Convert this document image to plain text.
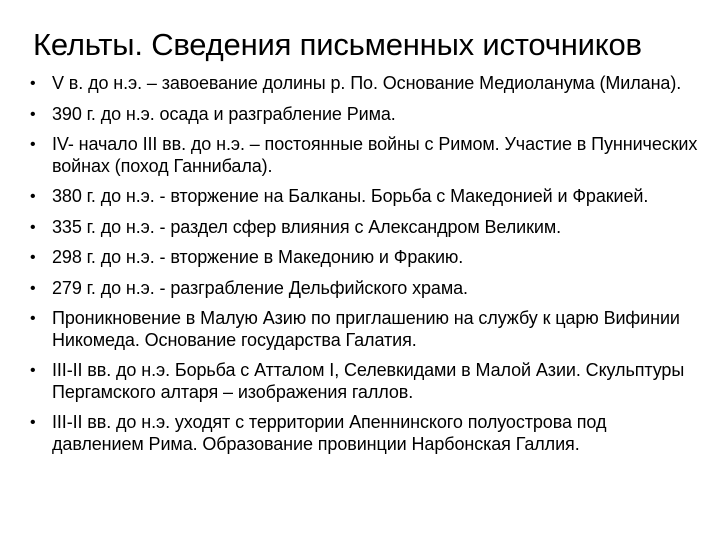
Кельты. Сведения письменных источников
• V в. до н.э. – завоевание долины р. По. Основание Медиоланума (Милана).
• 390 г. до н.э. осада и разграбление Рима.
• IV- начало III вв. до н.э. – постоянные войны с Римом. Участие в Пуннических войнах (поход Ганнибала).
• 380 г. до н.э. - вторжение на Балканы. Борьба с Македонией и Фракией.
• 335 г. до н.э. - раздел сфер влияния с Александром Великим.
• 298 г. до н.э. - вторжение в Македонию и Фракию.
• 279 г. до н.э. - разграбление Дельфийского храма.
• Проникновение в Малую Азию по приглашению на службу к царю Вифинии Никомеда. Основание государства Галатия.
• III-II вв. до н.э. Борьба с Атталом I, Селевкидами в Малой Азии. Скульптуры Пергамского алтаря – изображения галлов.
• III-II вв. до н.э. уходят с территории Апеннинского полуострова под давлением Рима. Образование провинции Нарбонская Галлия.
